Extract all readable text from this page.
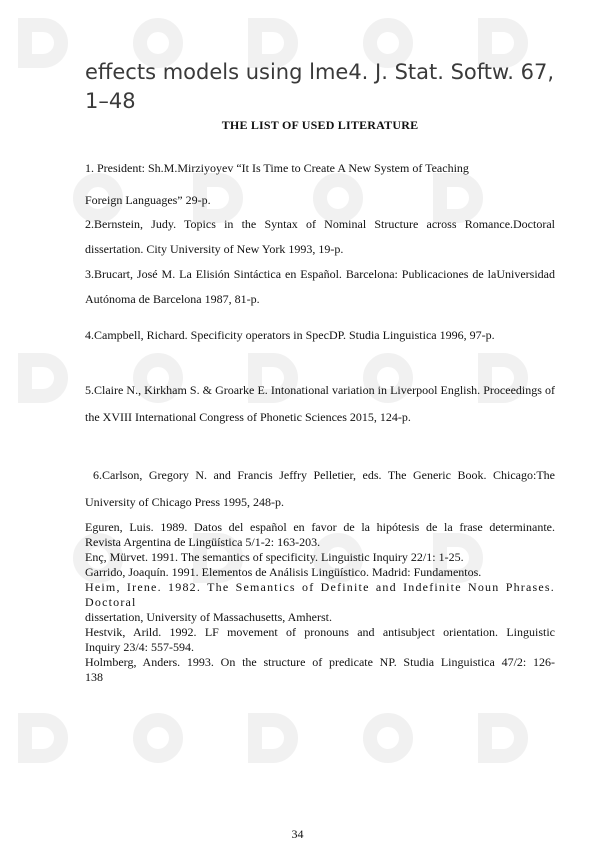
effects models using lme4. J. Stat. Softw. 67,
1–48
THE LIST OF USED LITERATURE

1. President: Sh.M.Mirziyoyev “It Is Time to Create A New System of Teaching
Foreign Languages” 29-p.

2.Bernstein, Judy. Topics in the Syntax of Nominal Structure across Romance.Doctoral dissertation. City University of New York 1993, 19-p.

3.Brucart, José M. La Elisión Sintáctica en Español. Barcelona: Publicaciones de laUniversidad Autónoma de Barcelona 1987, 81-p.

4.Campbell, Richard. Specificity operators in SpecDP. Studia Linguistica 1996, 97-p.

5.Claire N., Kirkham S. & Groarke E. Intonational variation in Liverpool English. Proceedings of the XVIII International Congress of Phonetic Sciences 2015, 124-p.

6.Carlson, Gregory N. and Francis Jeffry Pelletier, eds. The Generic Book. Chicago:The University of Chicago Press 1995, 248-p.

Eguren, Luis. 1989. Datos del español en favor de la hipótesis de la frase determinante.

Revista Argentina de Lingüística 5/1-2: 163-203.

Enç, Mürvet. 1991. The semantics of specificity. Linguistic Inquiry 22/1: 1-25.

Garrido, Joaquín. 1991. Elementos de Análisis Lingüístico. Madrid: Fundamentos.

Heim, Irene. 1982. The Semantics of Definite and Indefinite Noun Phrases. Doctoral

dissertation, University of Massachusetts, Amherst.

Hestvik, Arild. 1992. LF movement of pronouns and antisubject orientation. Linguistic

Inquiry 23/4: 557-594.

Holmberg, Anders. 1993. On the structure of predicate NP. Studia Linguistica 47/2: 126-

138

34
